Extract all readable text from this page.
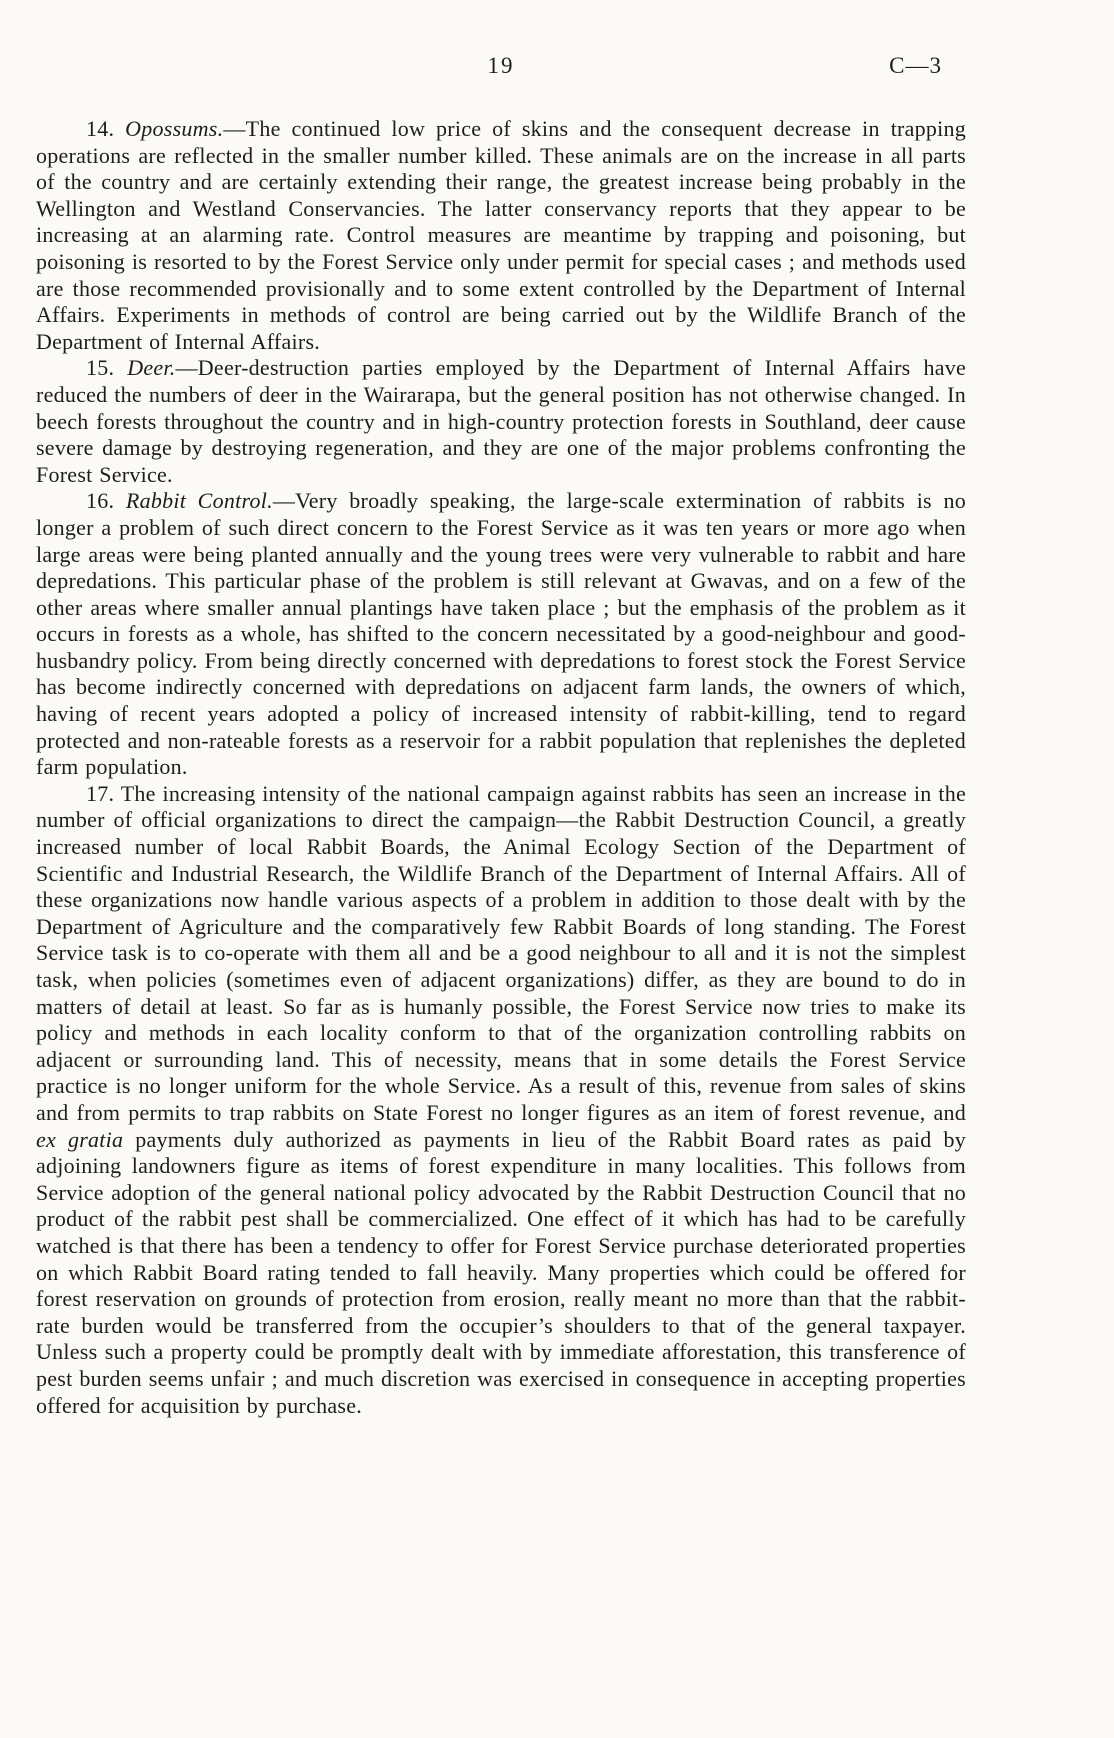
19	C—3

14. Opossums.—The continued low price of skins and the consequent decrease in trapping operations are reflected in the smaller number killed. These animals are on the increase in all parts of the country and are certainly extending their range, the greatest increase being probably in the Wellington and Westland Conservancies. The latter conservancy reports that they appear to be increasing at an alarming rate. Control measures are meantime by trapping and poisoning, but poisoning is resorted to by the Forest Service only under permit for special cases ; and methods used are those recommended provisionally and to some extent controlled by the Department of Internal Affairs. Experiments in methods of control are being carried out by the Wildlife Branch of the Department of Internal Affairs.

15. Deer.—Deer-destruction parties employed by the Department of Internal Affairs have reduced the numbers of deer in the Wairarapa, but the general position has not otherwise changed. In beech forests throughout the country and in high-country protection forests in Southland, deer cause severe damage by destroying regeneration, and they are one of the major problems confronting the Forest Service.

16. Rabbit Control.—Very broadly speaking, the large-scale extermination of rabbits is no longer a problem of such direct concern to the Forest Service as it was ten years or more ago when large areas were being planted annually and the young trees were very vulnerable to rabbit and hare depredations. This particular phase of the problem is still relevant at Gwavas, and on a few of the other areas where smaller annual plantings have taken place ; but the emphasis of the problem as it occurs in forests as a whole, has shifted to the concern necessitated by a good-neighbour and good-husbandry policy. From being directly concerned with depredations to forest stock the Forest Service has become indirectly concerned with depredations on adjacent farm lands, the owners of which, having of recent years adopted a policy of increased intensity of rabbit-killing, tend to regard protected and non-rateable forests as a reservoir for a rabbit population that replenishes the depleted farm population.

17. The increasing intensity of the national campaign against rabbits has seen an increase in the number of official organizations to direct the campaign—the Rabbit Destruction Council, a greatly increased number of local Rabbit Boards, the Animal Ecology Section of the Department of Scientific and Industrial Research, the Wildlife Branch of the Department of Internal Affairs. All of these organizations now handle various aspects of a problem in addition to those dealt with by the Department of Agriculture and the comparatively few Rabbit Boards of long standing. The Forest Service task is to co-operate with them all and be a good neighbour to all and it is not the simplest task, when policies (sometimes even of adjacent organizations) differ, as they are bound to do in matters of detail at least. So far as is humanly possible, the Forest Service now tries to make its policy and methods in each locality conform to that of the organization controlling rabbits on adjacent or surrounding land. This of necessity, means that in some details the Forest Service practice is no longer uniform for the whole Service. As a result of this, revenue from sales of skins and from permits to trap rabbits on State Forest no longer figures as an item of forest revenue, and ex gratia payments duly authorized as payments in lieu of the Rabbit Board rates as paid by adjoining landowners figure as items of forest expenditure in many localities. This follows from Service adoption of the general national policy advocated by the Rabbit Destruction Council that no product of the rabbit pest shall be commercialized. One effect of it which has had to be carefully watched is that there has been a tendency to offer for Forest Service purchase deteriorated properties on which Rabbit Board rating tended to fall heavily. Many properties which could be offered for forest reservation on grounds of protection from erosion, really meant no more than that the rabbit-rate burden would be transferred from the occupier’s shoulders to that of the general taxpayer. Unless such a property could be promptly dealt with by immediate afforestation, this transference of pest burden seems unfair ; and much discretion was exercised in consequence in accepting properties offered for acquisition by purchase.
